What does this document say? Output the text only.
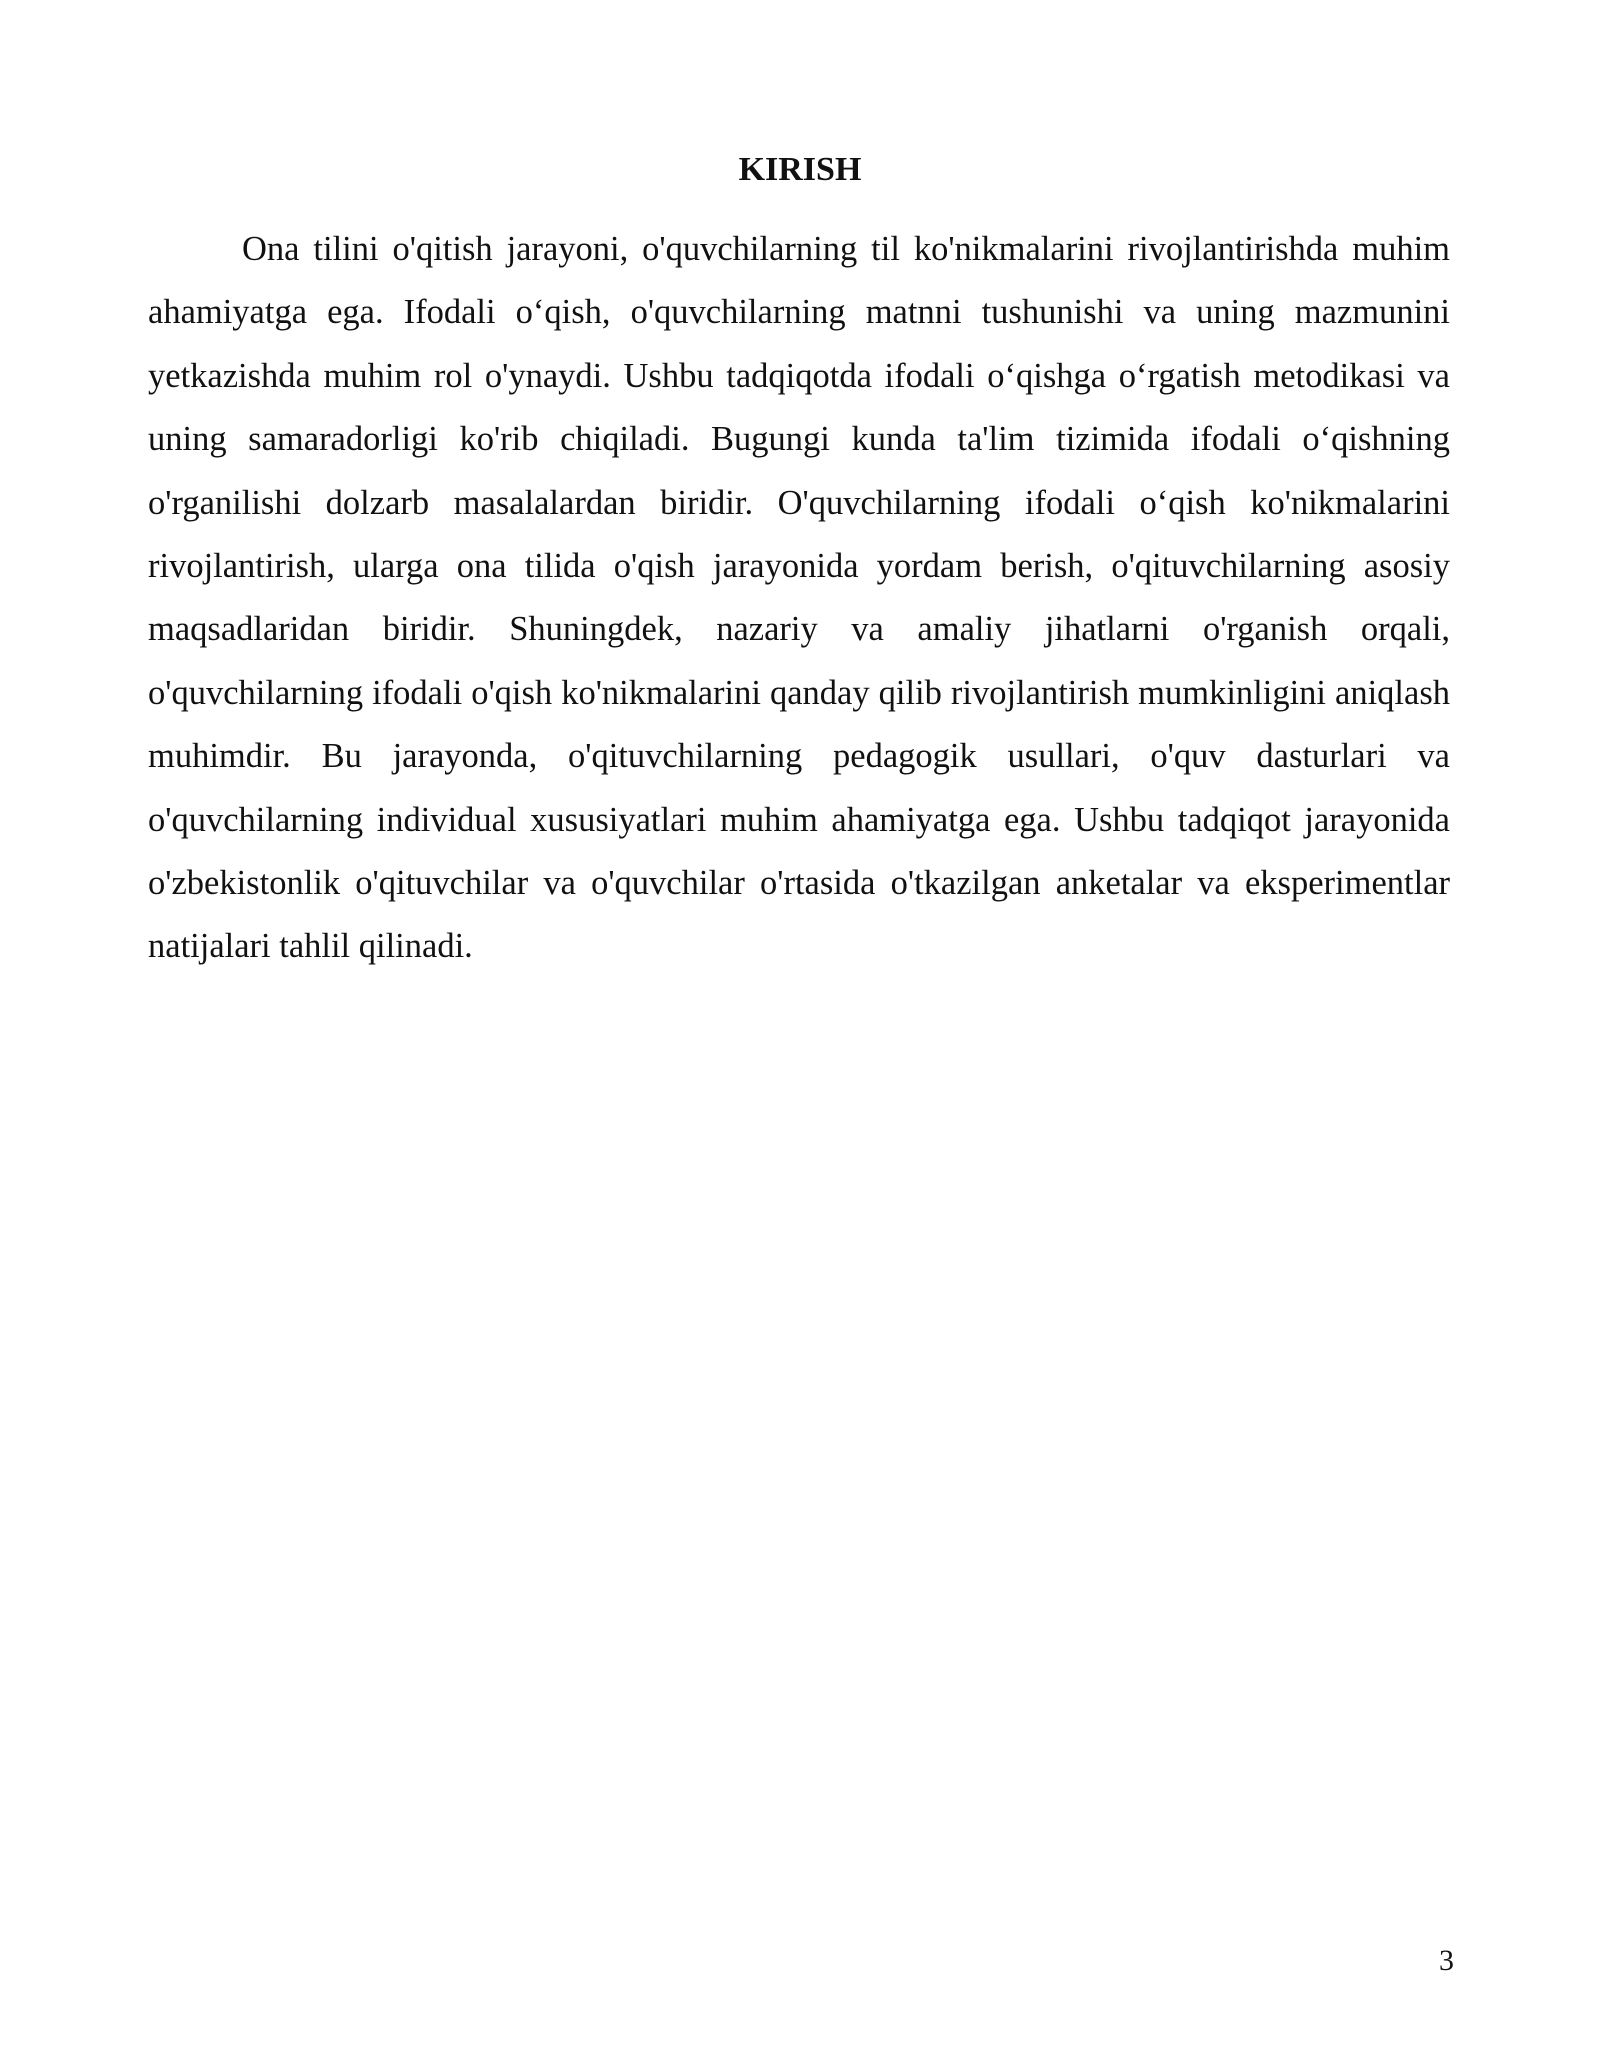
KIRISH

Ona tilini o'qitish jarayoni, o'quvchilarning til ko'nikmalarini rivojlantirishda muhim ahamiyatga ega. Ifodali o‘qish, o'quvchilarning matnni tushunishi va uning mazmunini yetkazishda muhim rol o'ynaydi. Ushbu tadqiqotda ifodali o‘qishga o‘rgatish metodikasi va uning samaradorligi ko'rib chiqiladi. Bugungi kunda ta'lim tizimida ifodali o‘qishning o'rganilishi dolzarb masalalardan biridir. O'quvchilarning ifodali o‘qish ko'nikmalarini rivojlantirish, ularga ona tilida o'qish jarayonida yordam berish, o'qituvchilarning asosiy maqsadlaridan biridir. Shuningdek, nazariy va amaliy jihatlarni o'rganish orqali, o'quvchilarning ifodali o'qish ko'nikmalarini qanday qilib rivojlantirish mumkinligini aniqlash muhimdir. Bu jarayonda, o'qituvchilarning pedagogik usullari, o'quv dasturlari va o'quvchilarning individual xususiyatlari muhim ahamiyatga ega. Ushbu tadqiqot jarayonida o'zbekistonlik o'qituvchilar va o'quvchilar o'rtasida o'tkazilgan anketalar va eksperimentlar natijalari tahlil qilinadi.

3
